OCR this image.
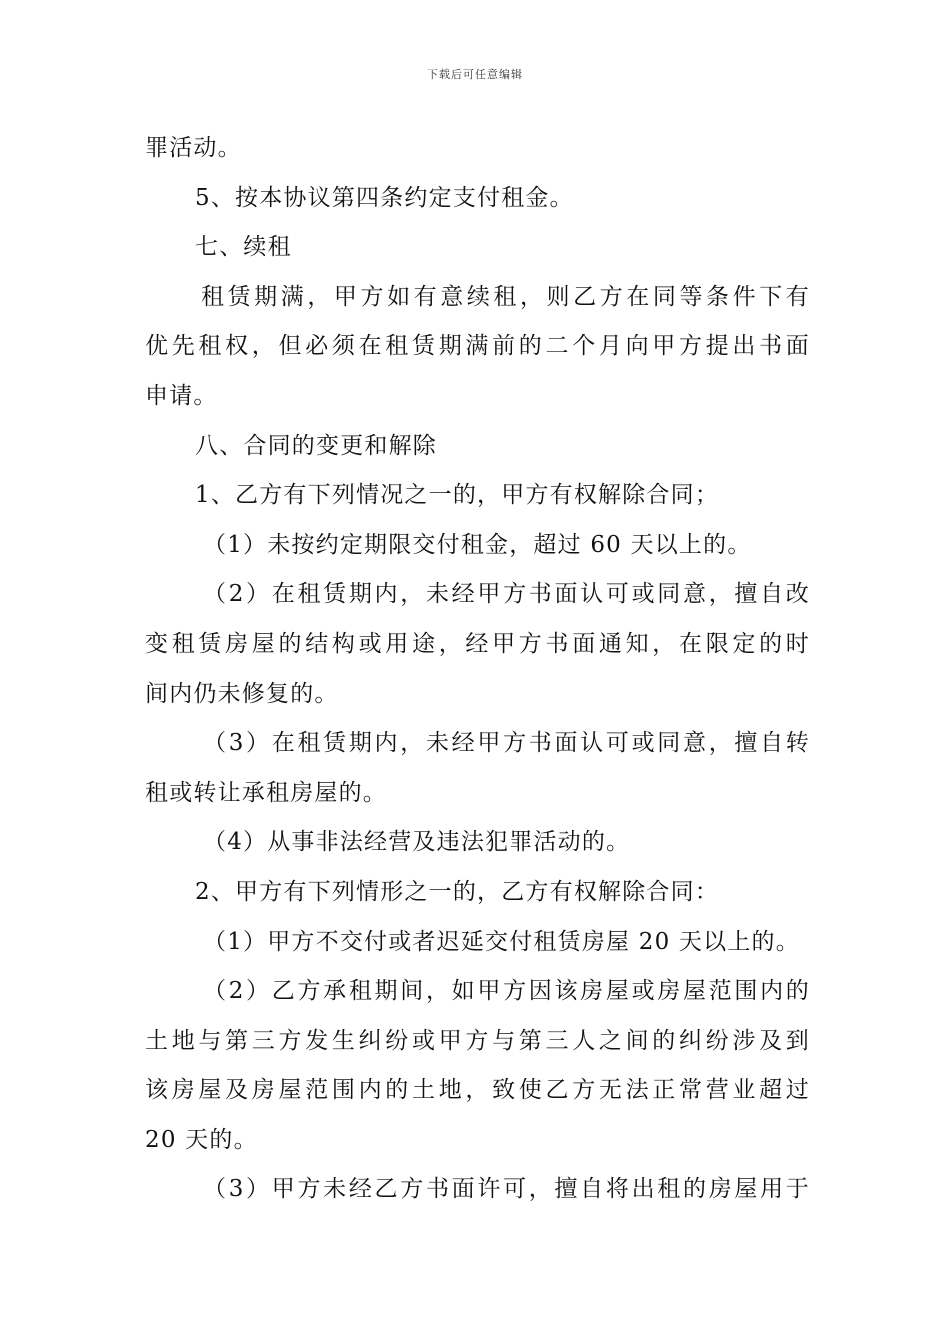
下载后可任意编辑
罪活动。
5、按本协议第四条约定支付租金。
七、续租
租赁期满，甲方如有意续租，则乙方在同等条件下有
优先租权，但必须在租赁期满前的二个月向甲方提出书面
申请。
八、合同的变更和解除
1、乙方有下列情况之一的，甲方有权解除合同；
（1）未按约定期限交付租金，超过 60 天以上的。
（2）在租赁期内，未经甲方书面认可或同意，擅自改
变租赁房屋的结构或用途，经甲方书面通知，在限定的时
间内仍未修复的。
（3）在租赁期内，未经甲方书面认可或同意，擅自转
租或转让承租房屋的。
（4）从事非法经营及违法犯罪活动的。
2、甲方有下列情形之一的，乙方有权解除合同：
（1）甲方不交付或者迟延交付租赁房屋 20 天以上的。
（2）乙方承租期间，如甲方因该房屋或房屋范围内的
土地与第三方发生纠纷或甲方与第三人之间的纠纷涉及到
该房屋及房屋范围内的土地，致使乙方无法正常营业超过
20 天的。
（3）甲方未经乙方书面许可，擅自将出租的房屋用于
